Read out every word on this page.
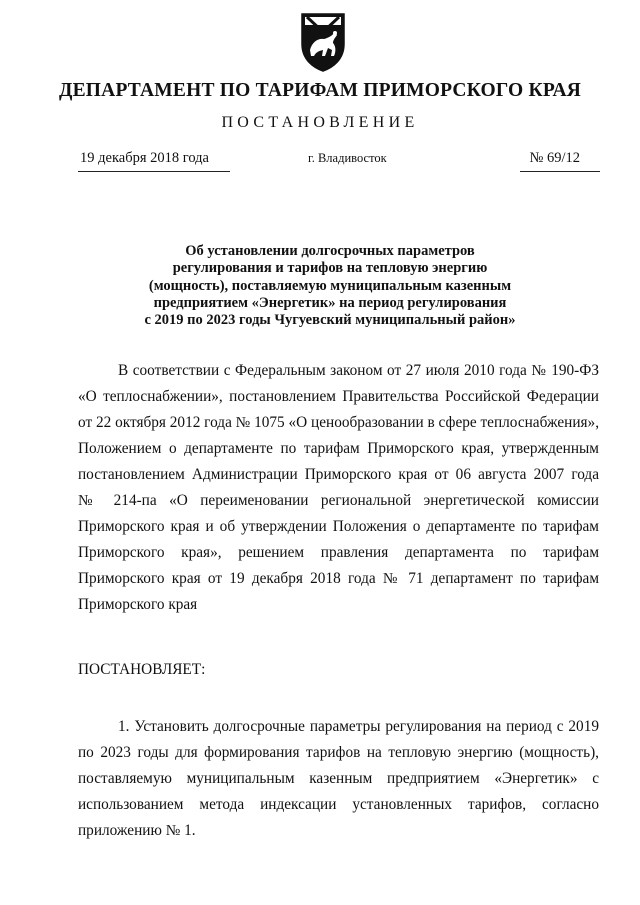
ДЕПАРТАМЕНТ ПО ТАРИФАМ ПРИМОРСКОГО КРАЯ
ПОСТАНОВЛЕНИЕ
19 декабря 2018 года	г. Владивосток	№ 69/12
Об установлении долгосрочных параметров
регулирования и тарифов на тепловую энергию
(мощность), поставляемую муниципальным казенным
предприятием «Энергетик» на период регулирования
с 2019 по 2023 годы Чугуевский муниципальный район»
В соответствии с Федеральным законом от 27 июля 2010 года № 190-ФЗ
«О теплоснабжении», постановлением Правительства Российской Федерации
от 22 октября 2012 года № 1075 «О ценообразовании в сфере теплоснабжения»,
Положением о департаменте по тарифам Приморского края, утвержденным
постановлением Администрации Приморского края от 06 августа 2007 года
№ 214-па «О переименовании региональной энергетической комиссии
Приморского края и об утверждении Положения о департаменте по тарифам
Приморского края», решением правления департамента по тарифам
Приморского края от 19 декабря 2018 года № 71 департамент по тарифам
Приморского края
ПОСТАНОВЛЯЕТ:
1. Установить долгосрочные параметры регулирования на период с 2019
по 2023 годы для формирования тарифов на тепловую энергию (мощность),
поставляемую муниципальным казенным предприятием «Энергетик» с
использованием метода индексации установленных тарифов, согласно
приложению № 1.
